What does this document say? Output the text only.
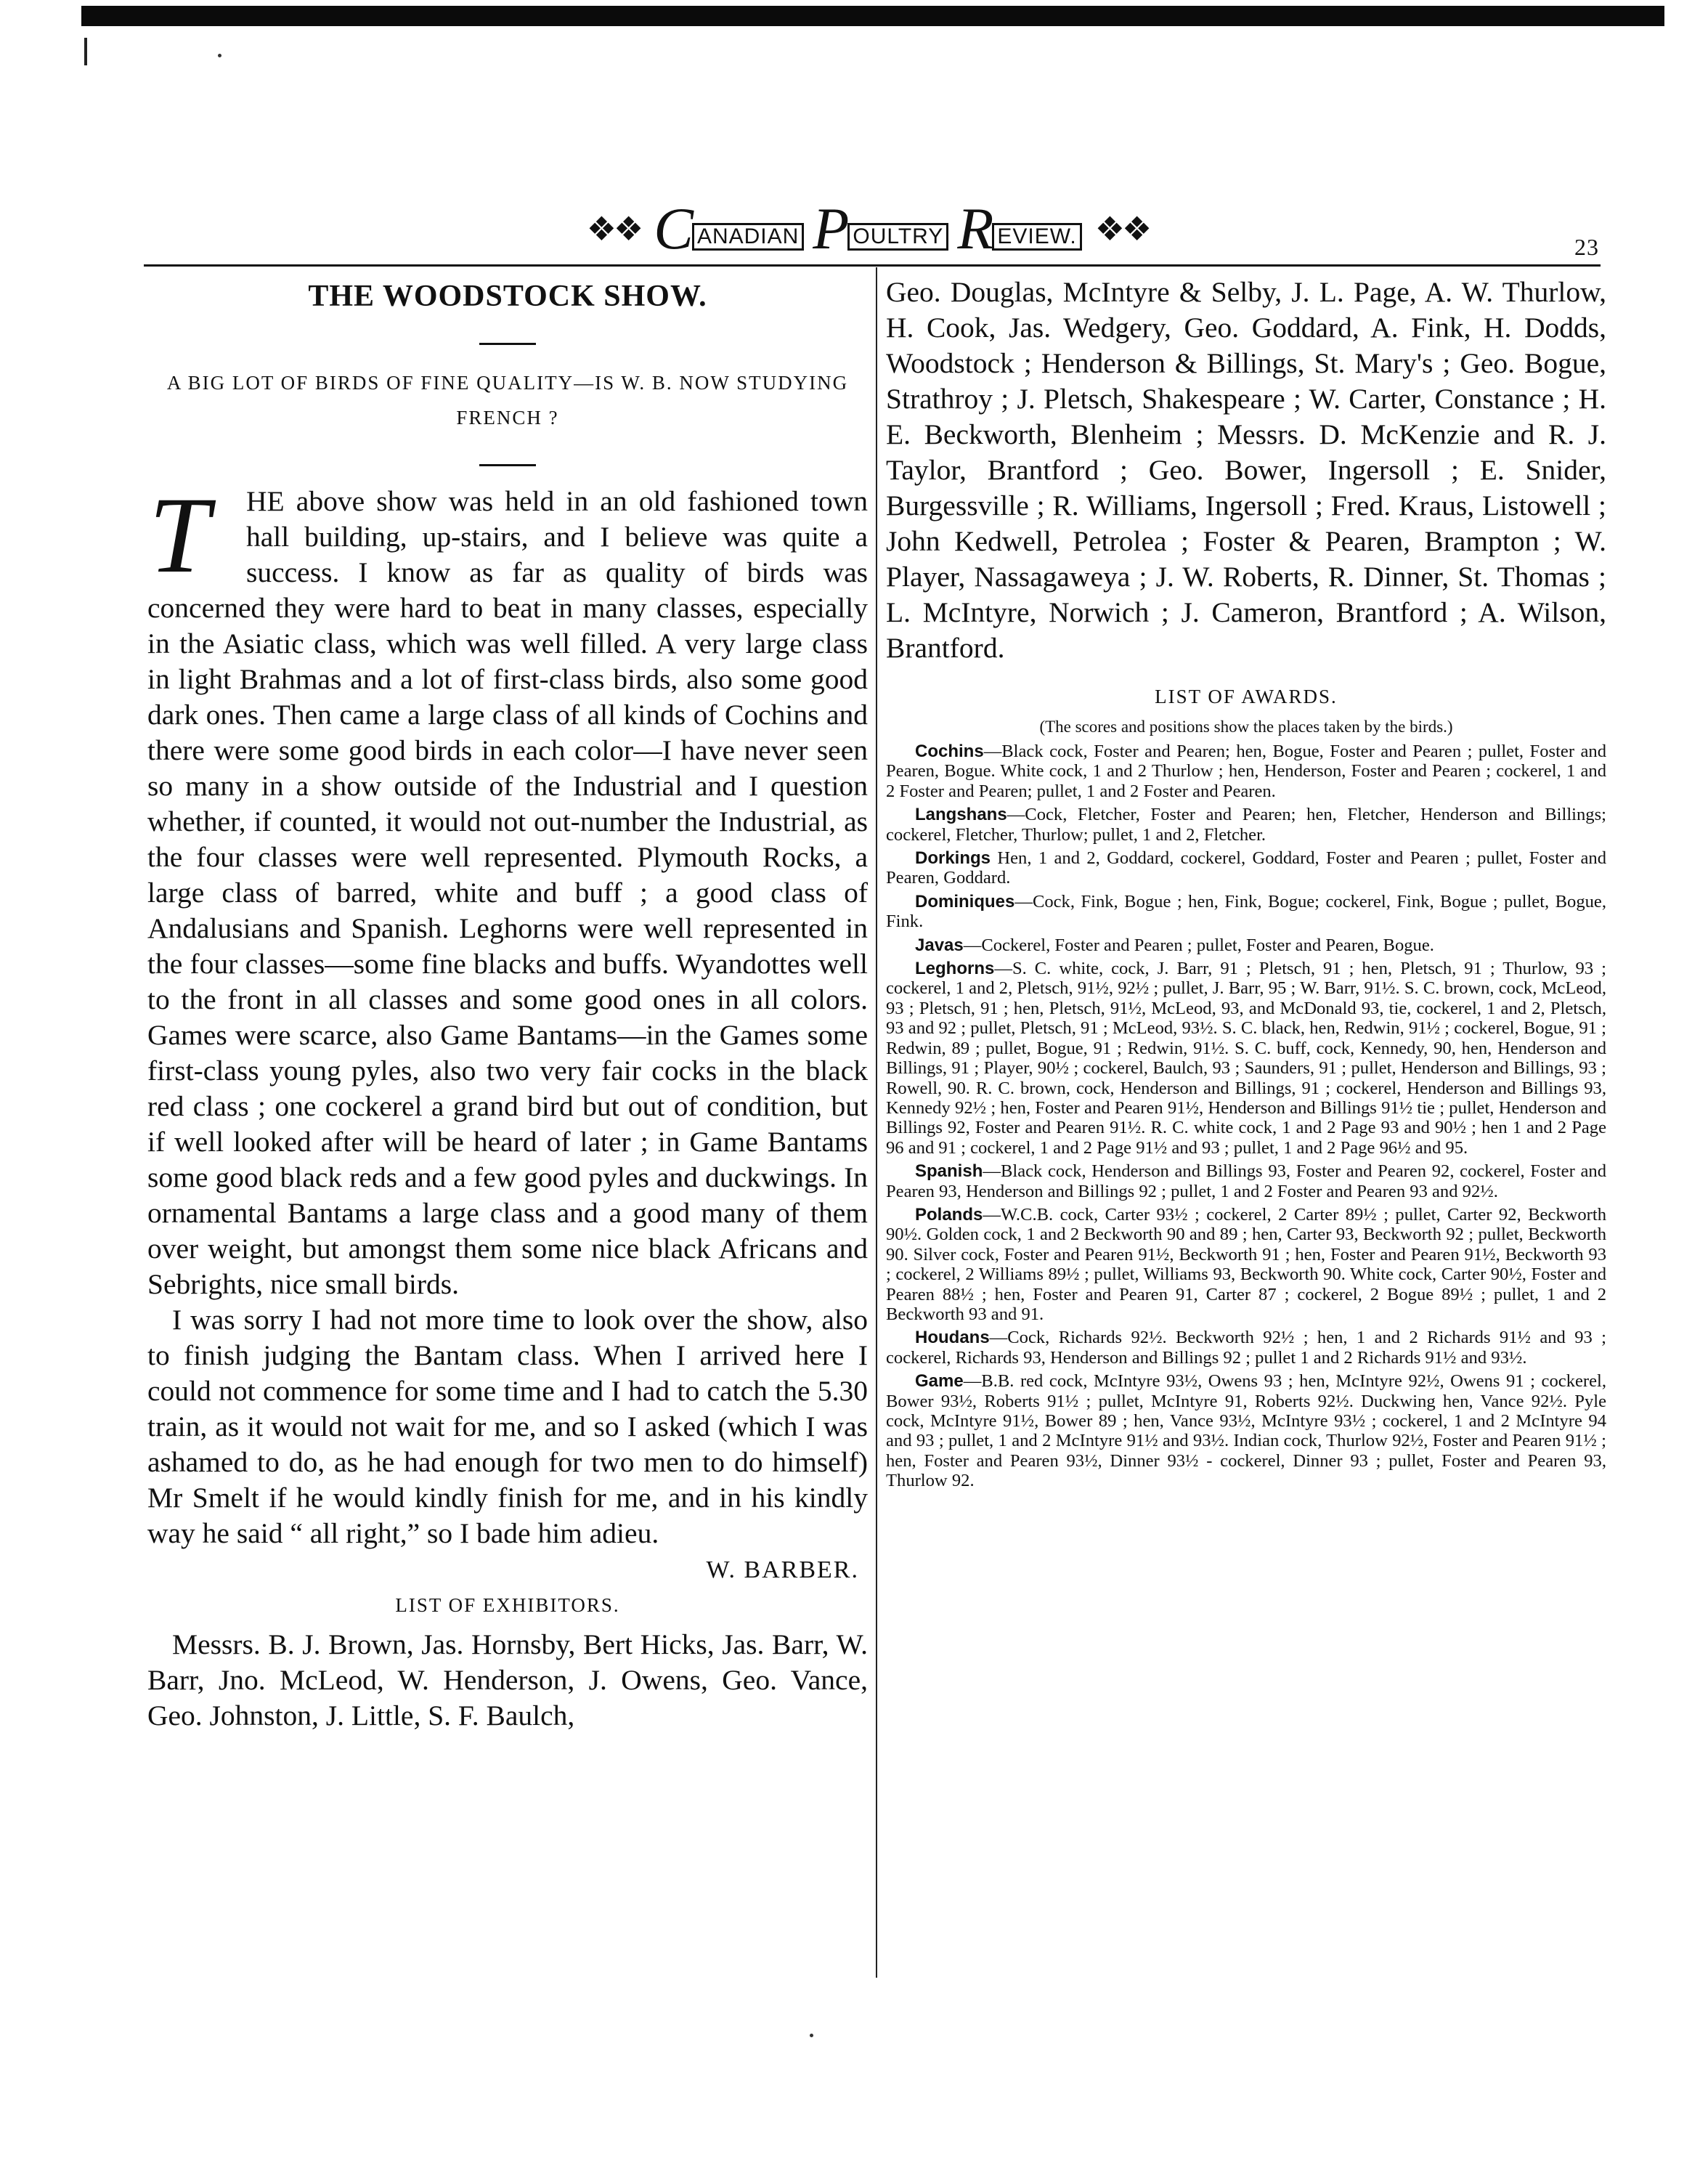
❖❖ C ANADIAN P OULTRY R EVIEW. ❖❖	23
THE WOODSTOCK SHOW.
A BIG LOT OF BIRDS OF FINE QUALITY—IS W. B. NOW STUDYING FRENCH ?

T	HE above show was held in an old fashioned town hall building, up-stairs, and I believe was quite a success. I know as far as quality of birds was concerned they were hard to beat in many classes, especially in the Asiatic class, which was well filled. A very large class in light Brahmas and a lot of first-class birds, also some good dark ones. Then came a large class of all kinds of Cochins and there were some good birds in each color—I have never seen so many in a show outside of the Industrial and I question whether, if counted, it would not out-number the Industrial, as the four classes were well represented. Plymouth Rocks, a large class of barred, white and buff ; a good class of Andalusians and Spanish. Leghorns were well represented in the four classes—some fine blacks and buffs. Wyandottes well to the front in all classes and some good ones in all colors. Games were scarce, also Game Bantams—in the Games some first-class young pyles, also two very fair cocks in the black red class ; one cockerel a grand bird but out of condition, but if well looked after will be heard of later ; in Game Bantams some good black reds and a few good pyles and duckwings. In ornamental Bantams a large class and a good many of them over weight, but amongst them some nice black Africans and Sebrights, nice small birds.

I was sorry I had not more time to look over the show, also to finish judging the Bantam class. When I arrived here I could not commence for some time and I had to catch the 5.30 train, as it would not wait for me, and so I asked (which I was ashamed to do, as he had enough for two men to do himself) Mr Smelt if he would kindly finish for me, and in his kindly way he said “ all right,” so I bade him adieu.

W. BARBER.
LIST OF EXHIBITORS.
Messrs. B. J. Brown, Jas. Hornsby, Bert Hicks, Jas. Barr, W. Barr, Jno. McLeod, W. Henderson, J. Owens, Geo. Vance, Geo. Johnston, J. Little, S. F. Baulch,
Geo. Douglas, McIntyre & Selby, J. L. Page, A. W. Thurlow, H. Cook, Jas. Wedgery, Geo. Goddard, A. Fink, H. Dodds, Woodstock ; Henderson & Billings, St. Mary's ; Geo. Bogue, Strathroy ; J. Pletsch, Shakespeare ; W. Carter, Constance ; H. E. Beckworth, Blenheim ; Messrs. D. McKenzie and R. J. Taylor, Brantford ; Geo. Bower, Ingersoll ; E. Snider, Burgessville ; R. Williams, Ingersoll ; Fred. Kraus, Listowell ; John Kedwell, Petrolea ; Foster & Pearen, Brampton ; W. Player, Nassagaweya ; J. W. Roberts, R. Dinner, St. Thomas ; L. McIntyre, Norwich ; J. Cameron, Brantford ; A. Wilson, Brantford.
LIST OF AWARDS.
(The scores and positions show the places taken by the birds.)

Cochins—Black cock, Foster and Pearen; hen, Bogue, Foster and Pearen ; pullet, Foster and Pearen, Bogue. White cock, 1 and 2 Thurlow ; hen, Henderson, Foster and Pearen ; cockerel, 1 and 2 Foster and Pearen; pullet, 1 and 2 Foster and Pearen.

Langshans—Cock, Fletcher, Foster and Pearen; hen, Fletcher, Henderson and Billings; cockerel, Fletcher, Thurlow; pullet, 1 and 2, Fletcher.

Dorkings Hen, 1 and 2, Goddard, cockerel, Goddard, Foster and Pearen ; pullet, Foster and Pearen, Goddard.

Dominiques—Cock, Fink, Bogue ; hen, Fink, Bogue; cockerel, Fink, Bogue ; pullet, Bogue, Fink.

Javas—Cockerel, Foster and Pearen ; pullet, Foster and Pearen, Bogue.

Leghorns—S. C. white, cock, J. Barr, 91 ; Pletsch, 91 ; hen, Pletsch, 91 ; Thurlow, 93 ; cockerel, 1 and 2, Pletsch, 91½, 92½ ; pullet, J. Barr, 95 ; W. Barr, 91½. S. C. brown, cock, McLeod, 93 ; Pletsch, 91 ; hen, Pletsch, 91½, McLeod, 93, and McDonald 93, tie, cockerel, 1 and 2, Pletsch, 93 and 92 ; pullet, Pletsch, 91 ; McLeod, 93½. S. C. black, hen, Redwin, 91½ ; cockerel, Bogue, 91 ; Redwin, 89 ; pullet, Bogue, 91 ; Redwin, 91½. S. C. buff, cock, Kennedy, 90, hen, Henderson and Billings, 91 ; Player, 90½ ; cockerel, Baulch, 93 ; Saunders, 91 ; pullet, Henderson and Billings, 93 ; Rowell, 90. R. C. brown, cock, Henderson and Billings, 91 ; cockerel, Henderson and Billings 93, Kennedy 92½ ; hen, Foster and Pearen 91½, Henderson and Billings 91½ tie ; pullet, Henderson and Billings 92, Foster and Pearen 91½. R. C. white cock, 1 and 2 Page 93 and 90½ ; hen 1 and 2 Page 96 and 91 ; cockerel, 1 and 2 Page 91½ and 93 ; pullet, 1 and 2 Page 96½ and 95.

Spanish—Black cock, Henderson and Billings 93, Foster and Pearen 92, cockerel, Foster and Pearen 93, Henderson and Billings 92 ; pullet, 1 and 2 Foster and Pearen 93 and 92½.

Polands—W.C.B. cock, Carter 93½ ; cockerel, 2 Carter 89½ ; pullet, Carter 92, Beckworth 90½. Golden cock, 1 and 2 Beckworth 90 and 89 ; hen, Carter 93, Beckworth 92 ; pullet, Beckworth 90. Silver cock, Foster and Pearen 91½, Beckworth 91 ; hen, Foster and Pearen 91½, Beckworth 93 ; cockerel, 2 Williams 89½ ; pullet, Williams 93, Beckworth 90. White cock, Carter 90½, Foster and Pearen 88½ ; hen, Foster and Pearen 91, Carter 87 ; cockerel, 2 Bogue 89½ ; pullet, 1 and 2 Beckworth 93 and 91.

Houdans—Cock, Richards 92½. Beckworth 92½ ; hen, 1 and 2 Richards 91½ and 93 ; cockerel, Richards 93, Henderson and Billings 92 ; pullet 1 and 2 Richards 91½ and 93½.

Game—B.B. red cock, McIntyre 93½, Owens 93 ; hen, McIntyre 92½, Owens 91 ; cockerel, Bower 93½, Roberts 91½ ; pullet, McIntyre 91, Roberts 92½. Duckwing hen, Vance 92½. Pyle cock, McIntyre 91½, Bower 89 ; hen, Vance 93½, McIntyre 93½ ; cockerel, 1 and 2 McIntyre 94 and 93 ; pullet, 1 and 2 McIntyre 91½ and 93½. Indian cock, Thurlow 92½, Foster and Pearen 91½ ; hen, Foster and Pearen 93½, Dinner 93½ - cockerel, Dinner 93 ; pullet, Foster and Pearen 93, Thurlow 92.
